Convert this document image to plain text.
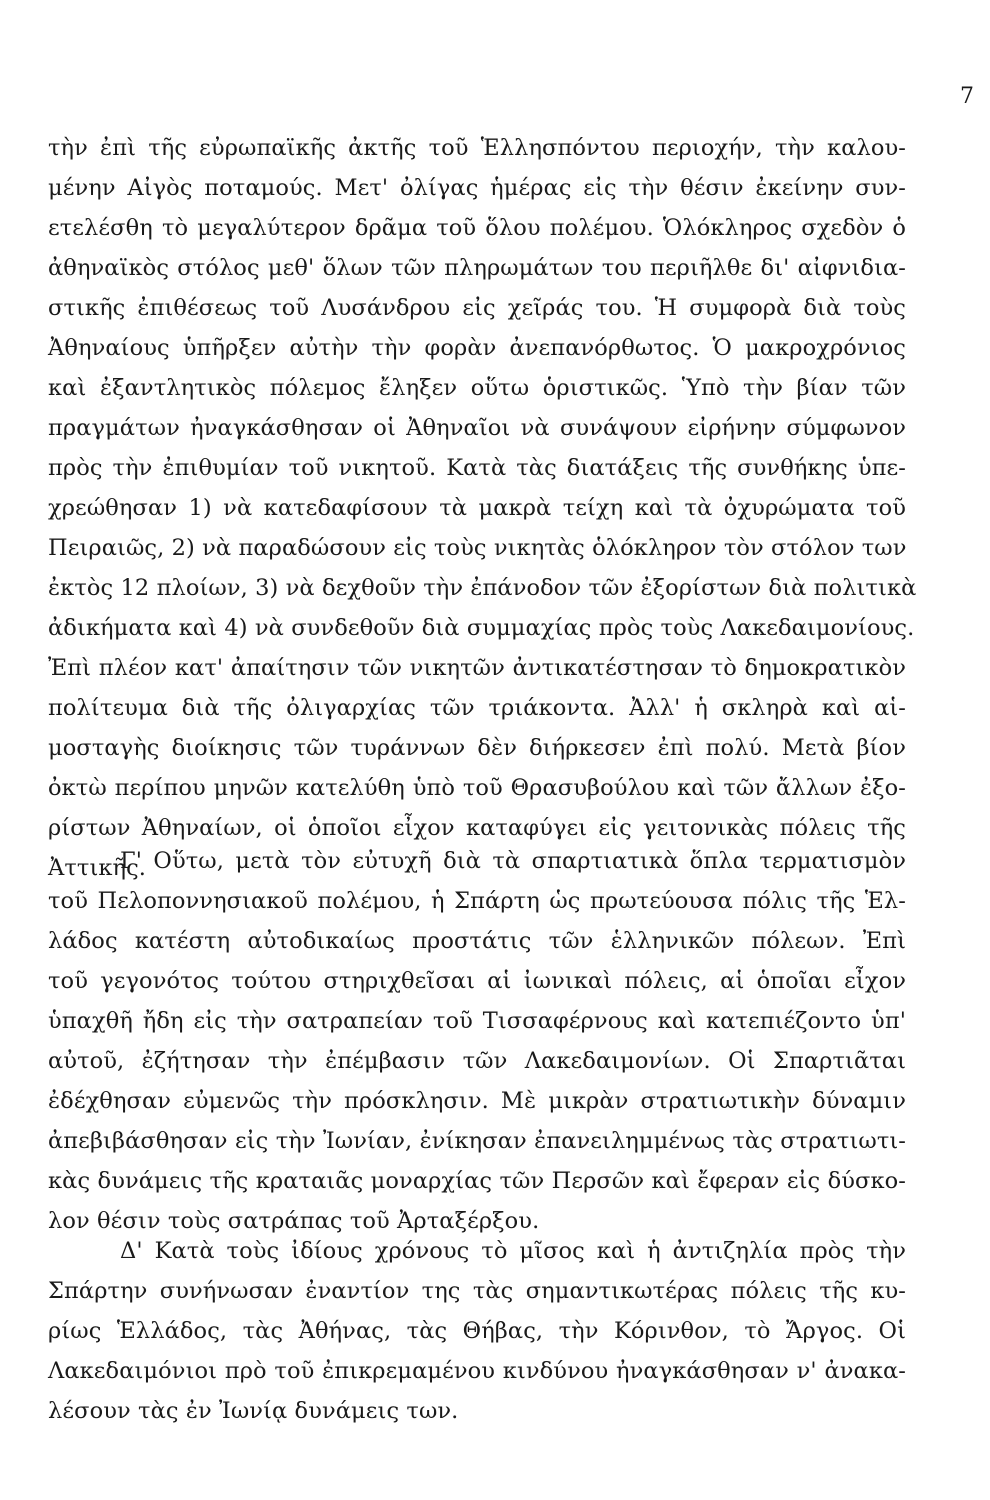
7
τὴν ἐπὶ τῆς εὐρωπαϊκῆς ἀκτῆς τοῦ Ἑλλησπόντου περιοχήν, τὴν καλου-
μένην Αἰγὸς ποταμούς. Μετ' ὀλίγας ἡμέρας εἰς τὴν θέσιν ἐκείνην συν-
ετελέσθη τὸ μεγαλύτερον δρᾶμα τοῦ ὅλου πολέμου. Ὁλόκληρος σχεδὸν ὁ
ἀθηναϊκὸς στόλος μεθ' ὅλων τῶν πληρωμάτων του περιῆλθε δι' αἰφνιδια-
στικῆς ἐπιθέσεως τοῦ Λυσάνδρου εἰς χεῖράς του. Ἡ συμφορὰ διὰ τοὺς
Ἀθηναίους ὑπῆρξεν αὐτὴν τὴν φορὰν ἀνεπανόρθωτος. Ὁ μακροχρόνιος
καὶ ἐξαντλητικὸς πόλεμος ἔληξεν οὕτω ὁριστικῶς. Ὑπὸ τὴν βίαν τῶν
πραγμάτων ἠναγκάσθησαν οἱ Ἀθηναῖοι νὰ συνάψουν εἰρήνην σύμφωνον
πρὸς τὴν ἐπιθυμίαν τοῦ νικητοῦ. Κατὰ τὰς διατάξεις τῆς συνθήκης ὑπε-
χρεώθησαν 1) νὰ κατεδαφίσουν τὰ μακρὰ τείχη καὶ τὰ ὀχυρώματα τοῦ
Πειραιῶς, 2) νὰ παραδώσουν εἰς τοὺς νικητὰς ὁλόκληρον τὸν στόλον των
ἐκτὸς 12 πλοίων, 3) νὰ δεχθοῦν τὴν ἐπάνοδον τῶν ἐξορίστων διὰ πολιτικὰ
ἀδικήματα καὶ 4) νὰ συνδεθοῦν διὰ συμμαχίας πρὸς τοὺς Λακεδαιμονίους.
Ἐπὶ πλέον κατ' ἀπαίτησιν τῶν νικητῶν ἀντικατέστησαν τὸ δημοκρατικὸν
πολίτευμα διὰ τῆς ὀλιγαρχίας τῶν τριάκοντα. Ἀλλ' ἡ σκληρὰ καὶ αἱ-
μοσταγὴς διοίκησις τῶν τυράννων δὲν διήρκεσεν ἐπὶ πολύ. Μετὰ βίον
ὀκτὼ περίπου μηνῶν κατελύθη ὑπὸ τοῦ Θρασυβούλου καὶ τῶν ἄλλων ἐξο-
ρίστων Ἀθηναίων, οἱ ὁποῖοι εἶχον καταφύγει εἰς γειτονικὰς πόλεις τῆς
Ἀττικῆς.
Γ' Οὕτω, μετὰ τὸν εὐτυχῆ διὰ τὰ σπαρτιατικὰ ὅπλα τερματισμὸν
τοῦ Πελοποννησιακοῦ πολέμου, ἡ Σπάρτη ὡς πρωτεύουσα πόλις τῆς Ἑλ-
λάδος κατέστη αὐτοδικαίως προστάτις τῶν ἑλληνικῶν πόλεων. Ἐπὶ
τοῦ γεγονότος τούτου στηριχθεῖσαι αἱ ἰωνικαὶ πόλεις, αἱ ὁποῖαι εἶχον
ὑπαχθῆ ἤδη εἰς τὴν σατραπείαν τοῦ Τισσαφέρνους καὶ κατεπιέζοντο ὑπ'
αὐτοῦ, ἐζήτησαν τὴν ἐπέμβασιν τῶν Λακεδαιμονίων. Οἱ Σπαρτιᾶται
ἐδέχθησαν εὐμενῶς τὴν πρόσκλησιν. Μὲ μικρὰν στρατιωτικὴν δύναμιν
ἀπεβιβάσθησαν εἰς τὴν Ἰωνίαν, ἐνίκησαν ἐπανειλημμένως τὰς στρατιωτι-
κὰς δυνάμεις τῆς κραταιᾶς μοναρχίας τῶν Περσῶν καὶ ἔφεραν εἰς δύσκο-
λον θέσιν τοὺς σατράπας τοῦ Ἀρταξέρξου.
Δ' Κατὰ τοὺς ἰδίους χρόνους τὸ μῖσος καὶ ἡ ἀντιζηλία πρὸς τὴν
Σπάρτην συνήνωσαν ἐναντίον της τὰς σημαντικωτέρας πόλεις τῆς κυ-
ρίως Ἑλλάδος, τὰς Ἀθήνας, τὰς Θήβας, τὴν Κόρινθον, τὸ Ἄργος. Οἱ
Λακεδαιμόνιοι πρὸ τοῦ ἐπικρεμαμένου κινδύνου ἠναγκάσθησαν ν' ἀνακα-
λέσουν τὰς ἐν Ἰωνίᾳ δυνάμεις των.
